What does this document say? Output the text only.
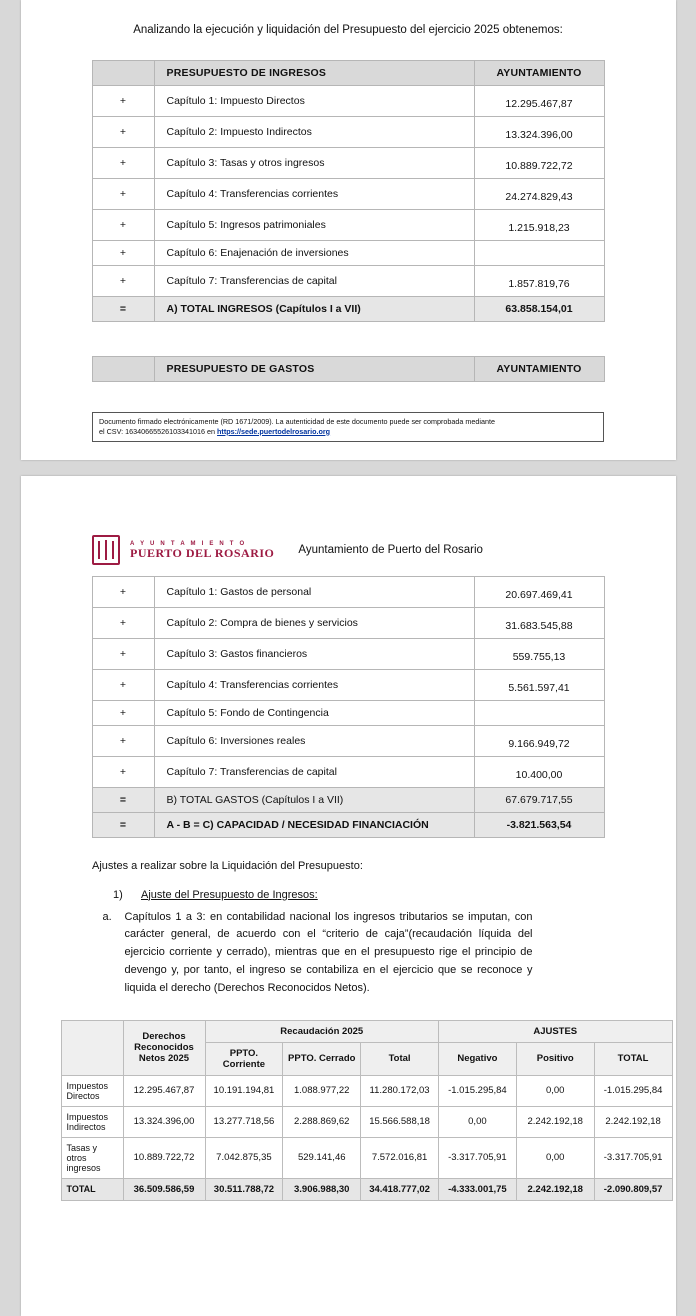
Analizando la ejecución y liquidación del Presupuesto del ejercicio 2025 obtenemos:
	PRESUPUESTO DE INGRESOS	AYUNTAMIENTO
+	Capítulo 1: Impuesto Directos	12.295.467,87
+	Capítulo 2: Impuesto Indirectos	13.324.396,00
+	Capítulo 3: Tasas y otros ingresos	10.889.722,72
+	Capítulo 4: Transferencias corrientes	24.274.829,43
+	Capítulo 5: Ingresos patrimoniales	1.215.918,23
+	Capítulo 6: Enajenación de inversiones	
+	Capítulo 7: Transferencias de capital	1.857.819,76
=	A) TOTAL INGRESOS (Capítulos I a VII)	63.858.154,01
	PRESUPUESTO DE GASTOS	AYUNTAMIENTO
Documento firmado electrónicamente (RD 1671/2009). La autenticidad de este documento puede ser comprobada mediante
el CSV: 16340665526103341016 en https://sede.puertodelrosario.org
A Y U N T A M I E N T O
PUERTO DEL ROSARIO Ayuntamiento de Puerto del Rosario
+	Capítulo 1: Gastos de personal	20.697.469,41
+	Capítulo 2: Compra de bienes y servicios	31.683.545,88
+	Capítulo 3: Gastos financieros	559.755,13
+	Capítulo 4: Transferencias corrientes	5.561.597,41
+	Capítulo 5: Fondo de Contingencia	
+	Capítulo 6: Inversiones reales	9.166.949,72
+	Capítulo 7: Transferencias de capital	10.400,00
=	B) TOTAL GASTOS (Capítulos I a VII)	67.679.717,55
=	A - B = C) CAPACIDAD / NECESIDAD FINANCIACIÓN	-3.821.563,54
Ajustes a realizar sobre la Liquidación del Presupuesto:
1)	Ajuste del Presupuesto de Ingresos:
a.	Capítulos 1 a 3: en contabilidad nacional los ingresos tributarios se imputan, con carácter general, de acuerdo con el “criterio de caja”(recaudación líquida del ejercicio corriente y cerrado), mientras que en el presupuesto rige el principio de devengo y, por tanto, el ingreso se contabiliza en el ejercicio que se reconoce y liquida el derecho (Derechos Reconocidos Netos).
	Derechos Reconocidos Netos 2025	Recaudación 2025			AJUSTES		
		PPTO. Corriente	PPTO. Cerrado	Total	Negativo	Positivo	TOTAL
Impuestos Directos	12.295.467,87	10.191.194,81	1.088.977,22	11.280.172,03	-1.015.295,84	0,00	-1.015.295,84
Impuestos Indirectos	13.324.396,00	13.277.718,56	2.288.869,62	15.566.588,18	0,00	2.242.192,18	2.242.192,18
Tasas y otros ingresos	10.889.722,72	7.042.875,35	529.141,46	7.572.016,81	-3.317.705,91	0,00	-3.317.705,91
TOTAL	36.509.586,59	30.511.788,72	3.906.988,30	34.418.777,02	-4.333.001,75	2.242.192,18	-2.090.809,57
